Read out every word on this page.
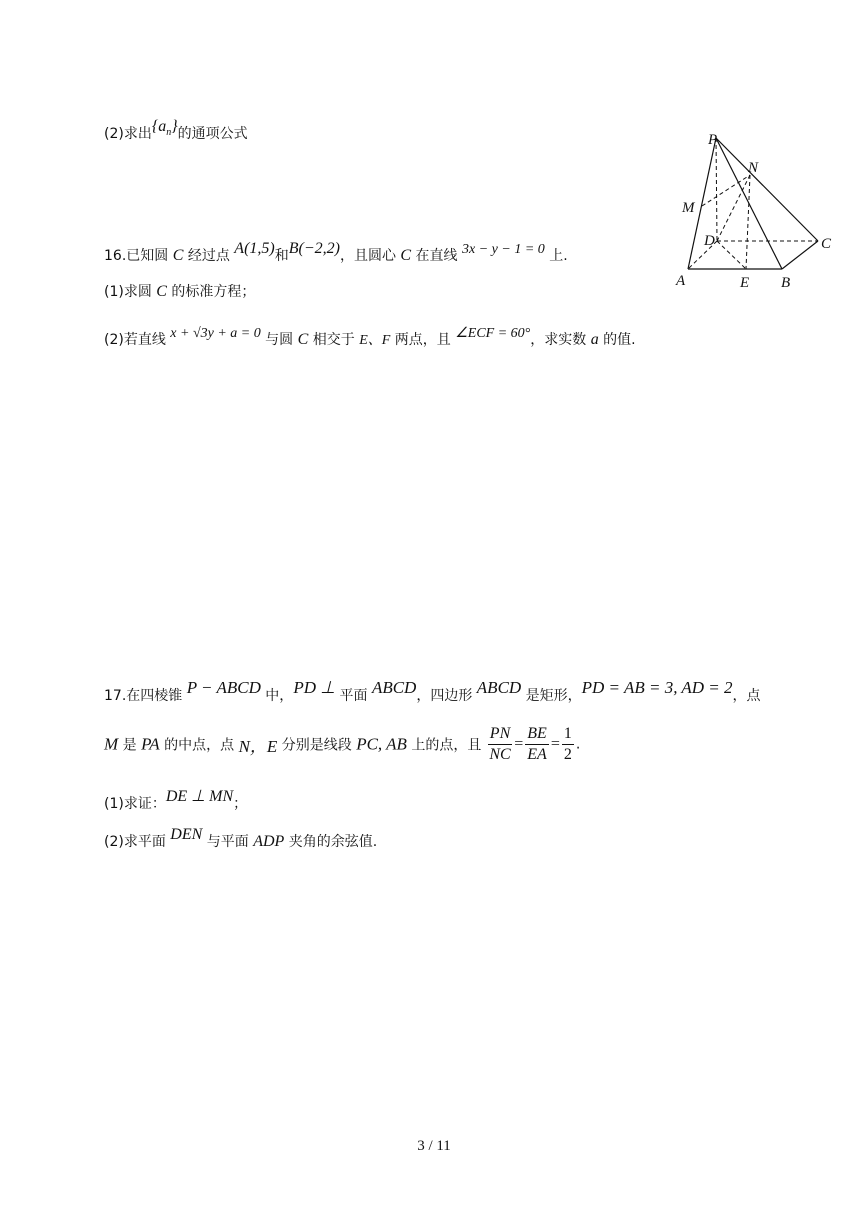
(2)求出$\{a_n\}$的通项公式	P
N
M
D	C
A	E B
16.已知圆 C 经过点 A(1,5)和B(−2,2)，且圆心 C 在直线 3x − y − 1 = 0 上.
(1)求圆 C 的标准方程；
(2)若直线 x + √3y + a = 0 与圆 C 相交于 E、F 两点，且 ∠ECF = 60°，求实数 a 的值.
17.在四棱锥 P − ABCD 中，PD ⊥ 平面 ABCD，四边形 ABCD 是矩形，PD = AB = 3, AD = 2，点
M 是 PA 的中点，点 N，E 分别是线段 PC, AB 上的点，且 $\frac{PN}{NC} = \frac{BE}{EA} = \frac{1}{2}$ .
(1)求证：DE ⊥ MN；
(2)求平面 DEN 与平面 ADP 夹角的余弦值.
3 / 11
